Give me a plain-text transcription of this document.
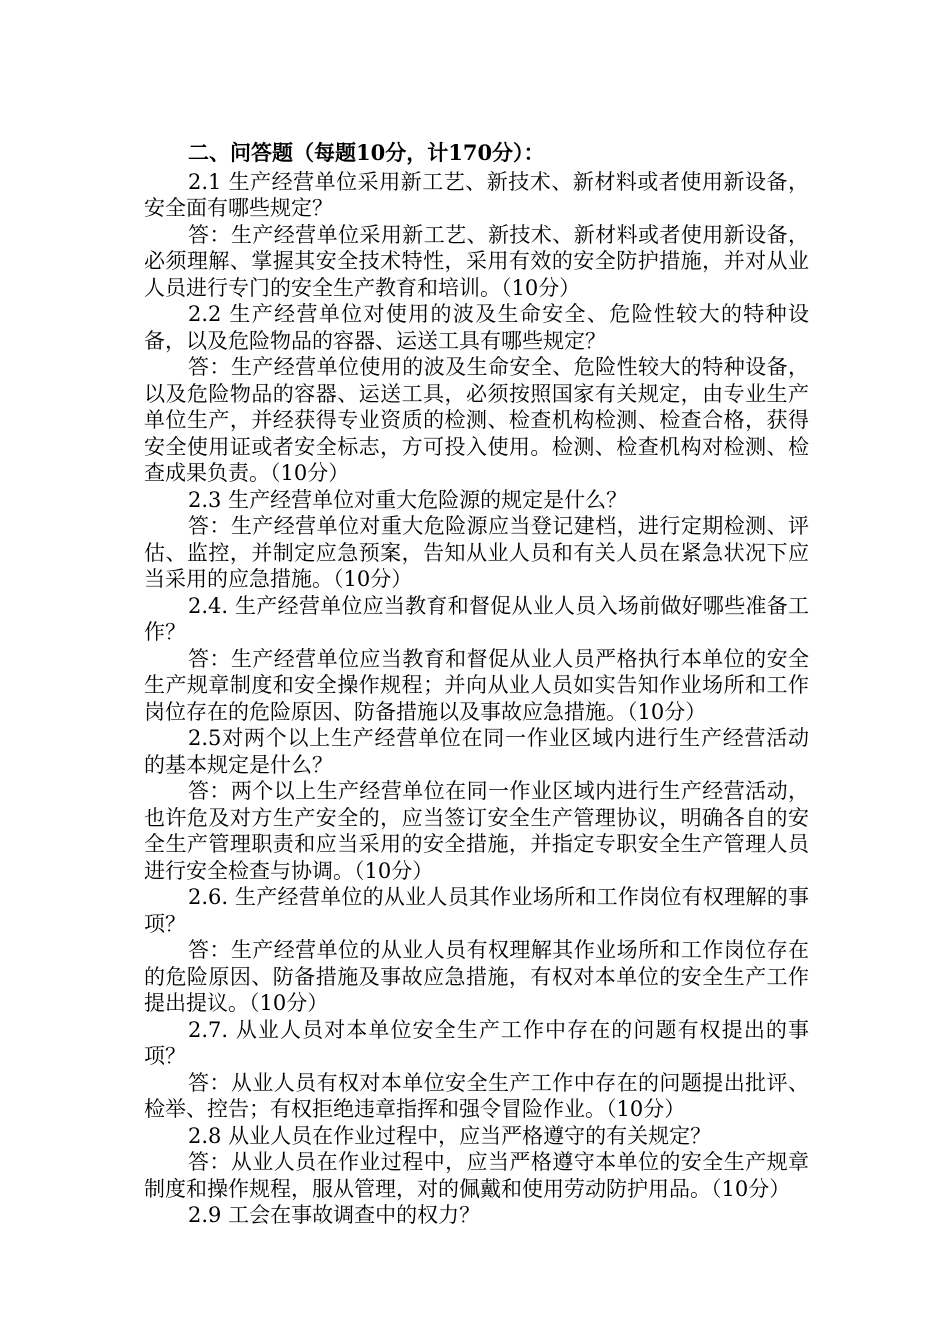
二、问答题（每题10分，计170分）：
2.1 生产经营单位采用新工艺、新技术、新材料或者使用新设备，安全面有哪些规定？
答：生产经营单位采用新工艺、新技术、新材料或者使用新设备，必须理解、掌握其安全技术特性，采用有效的安全防护措施，并对从业人员进行专门的安全生产教育和培训。（10分）
2.2 生产经营单位对使用的波及生命安全、危险性较大的特种设备，以及危险物品的容器、运送工具有哪些规定？
答：生产经营单位使用的波及生命安全、危险性较大的特种设备，以及危险物品的容器、运送工具，必须按照国家有关规定，由专业生产单位生产，并经获得专业资质的检测、检查机构检测、检查合格，获得安全使用证或者安全标志，方可投入使用。检测、检查机构对检测、检查成果负责。（10分）
2.3 生产经营单位对重大危险源的规定是什么？
答：生产经营单位对重大危险源应当登记建档，进行定期检测、评估、监控，并制定应急预案，告知从业人员和有关人员在紧急状况下应当采用的应急措施。（10分）
2.4. 生产经营单位应当教育和督促从业人员入场前做好哪些准备工作？
答：生产经营单位应当教育和督促从业人员严格执行本单位的安全生产规章制度和安全操作规程；并向从业人员如实告知作业场所和工作岗位存在的危险原因、防备措施以及事故应急措施。（10分）
2.5对两个以上生产经营单位在同一作业区域内进行生产经营活动的基本规定是什么？
答：两个以上生产经营单位在同一作业区域内进行生产经营活动，也许危及对方生产安全的，应当签订安全生产管理协议，明确各自的安全生产管理职责和应当采用的安全措施，并指定专职安全生产管理人员进行安全检查与协调。（10分）
2.6. 生产经营单位的从业人员其作业场所和工作岗位有权理解的事项？
答：生产经营单位的从业人员有权理解其作业场所和工作岗位存在的危险原因、防备措施及事故应急措施，有权对本单位的安全生产工作提出提议。（10分）
2.7. 从业人员对本单位安全生产工作中存在的问题有权提出的事项？
答：从业人员有权对本单位安全生产工作中存在的问题提出批评、检举、控告；有权拒绝违章指挥和强令冒险作业。（10分）
2.8 从业人员在作业过程中，应当严格遵守的有关规定？
答：从业人员在作业过程中，应当严格遵守本单位的安全生产规章制度和操作规程，服从管理，对的佩戴和使用劳动防护用品。（10分）
2.9 工会在事故调查中的权力？
